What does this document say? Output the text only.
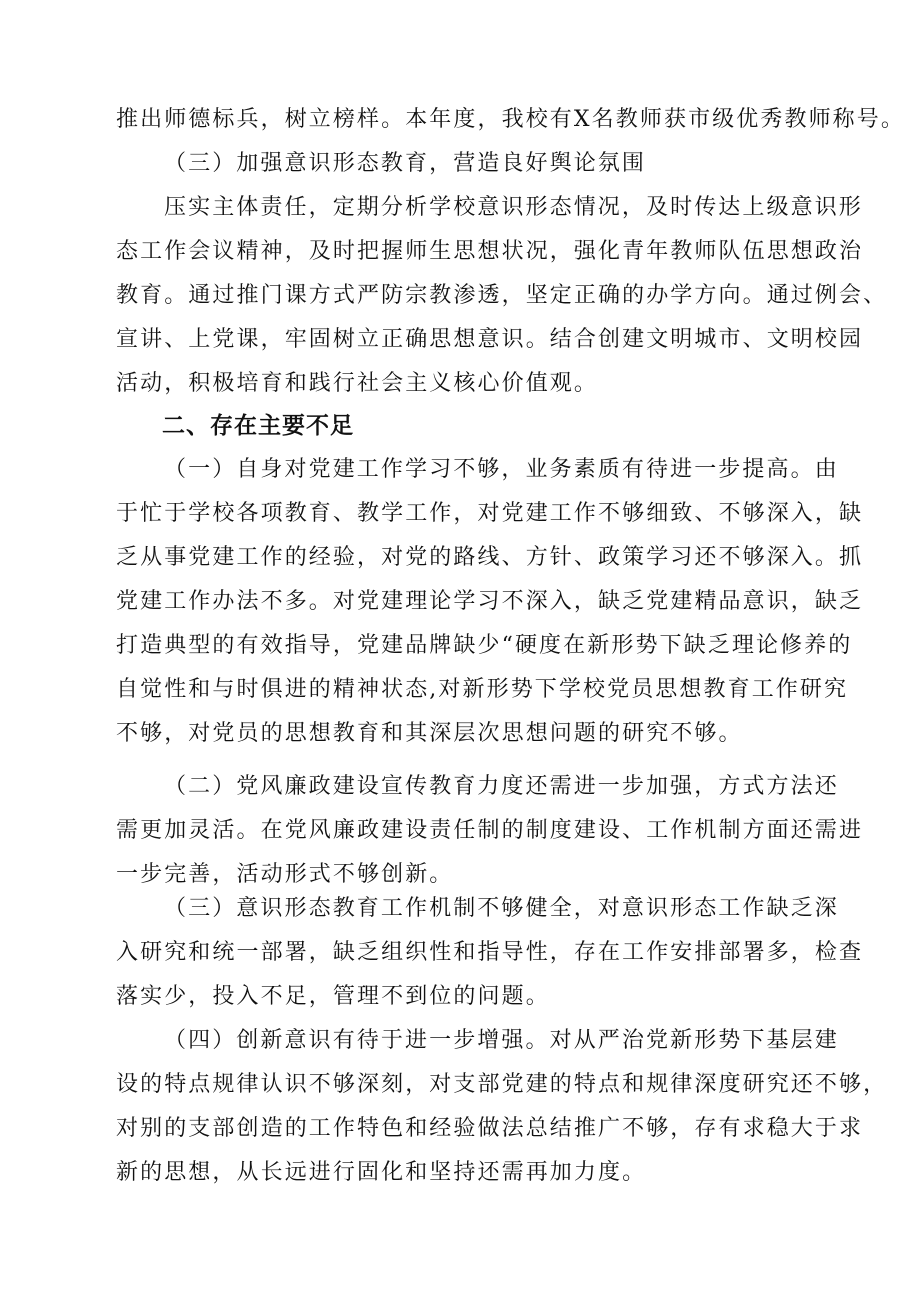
推出师德标兵，树立榜样。本年度，我校有X名教师获市级优秀教师称号。
（三）加强意识形态教育，营造良好舆论氛围
压实主体责任，定期分析学校意识形态情况，及时传达上级意识形
态工作会议精神，及时把握师生思想状况，强化青年教师队伍思想政治
教育。通过推门课方式严防宗教渗透，坚定正确的办学方向。通过例会、
宣讲、上党课，牢固树立正确思想意识。结合创建文明城市、文明校园
活动，积极培育和践行社会主义核心价值观。
二、存在主要不足
（一）自身对党建工作学习不够，业务素质有待进一步提高。由
于忙于学校各项教育、教学工作，对党建工作不够细致、不够深入，缺
乏从事党建工作的经验，对党的路线、方针、政策学习还不够深入。抓
党建工作办法不多。对党建理论学习不深入，缺乏党建精品意识，缺乏
打造典型的有效指导，党建品牌缺少“硬度在新形势下缺乏理论修养的
自觉性和与时俱进的精神状态,对新形势下学校党员思想教育工作研究
不够，对党员的思想教育和其深层次思想问题的研究不够。
（二）党风廉政建设宣传教育力度还需进一步加强，方式方法还
需更加灵活。在党风廉政建设责任制的制度建设、工作机制方面还需进
一步完善，活动形式不够创新。
（三）意识形态教育工作机制不够健全，对意识形态工作缺乏深
入研究和统一部署，缺乏组织性和指导性，存在工作安排部署多，检查
落实少，投入不足，管理不到位的问题。
（四）创新意识有待于进一步增强。对从严治党新形势下基层建
设的特点规律认识不够深刻，对支部党建的特点和规律深度研究还不够，
对别的支部创造的工作特色和经验做法总结推广不够，存有求稳大于求
新的思想，从长远进行固化和坚持还需再加力度。
